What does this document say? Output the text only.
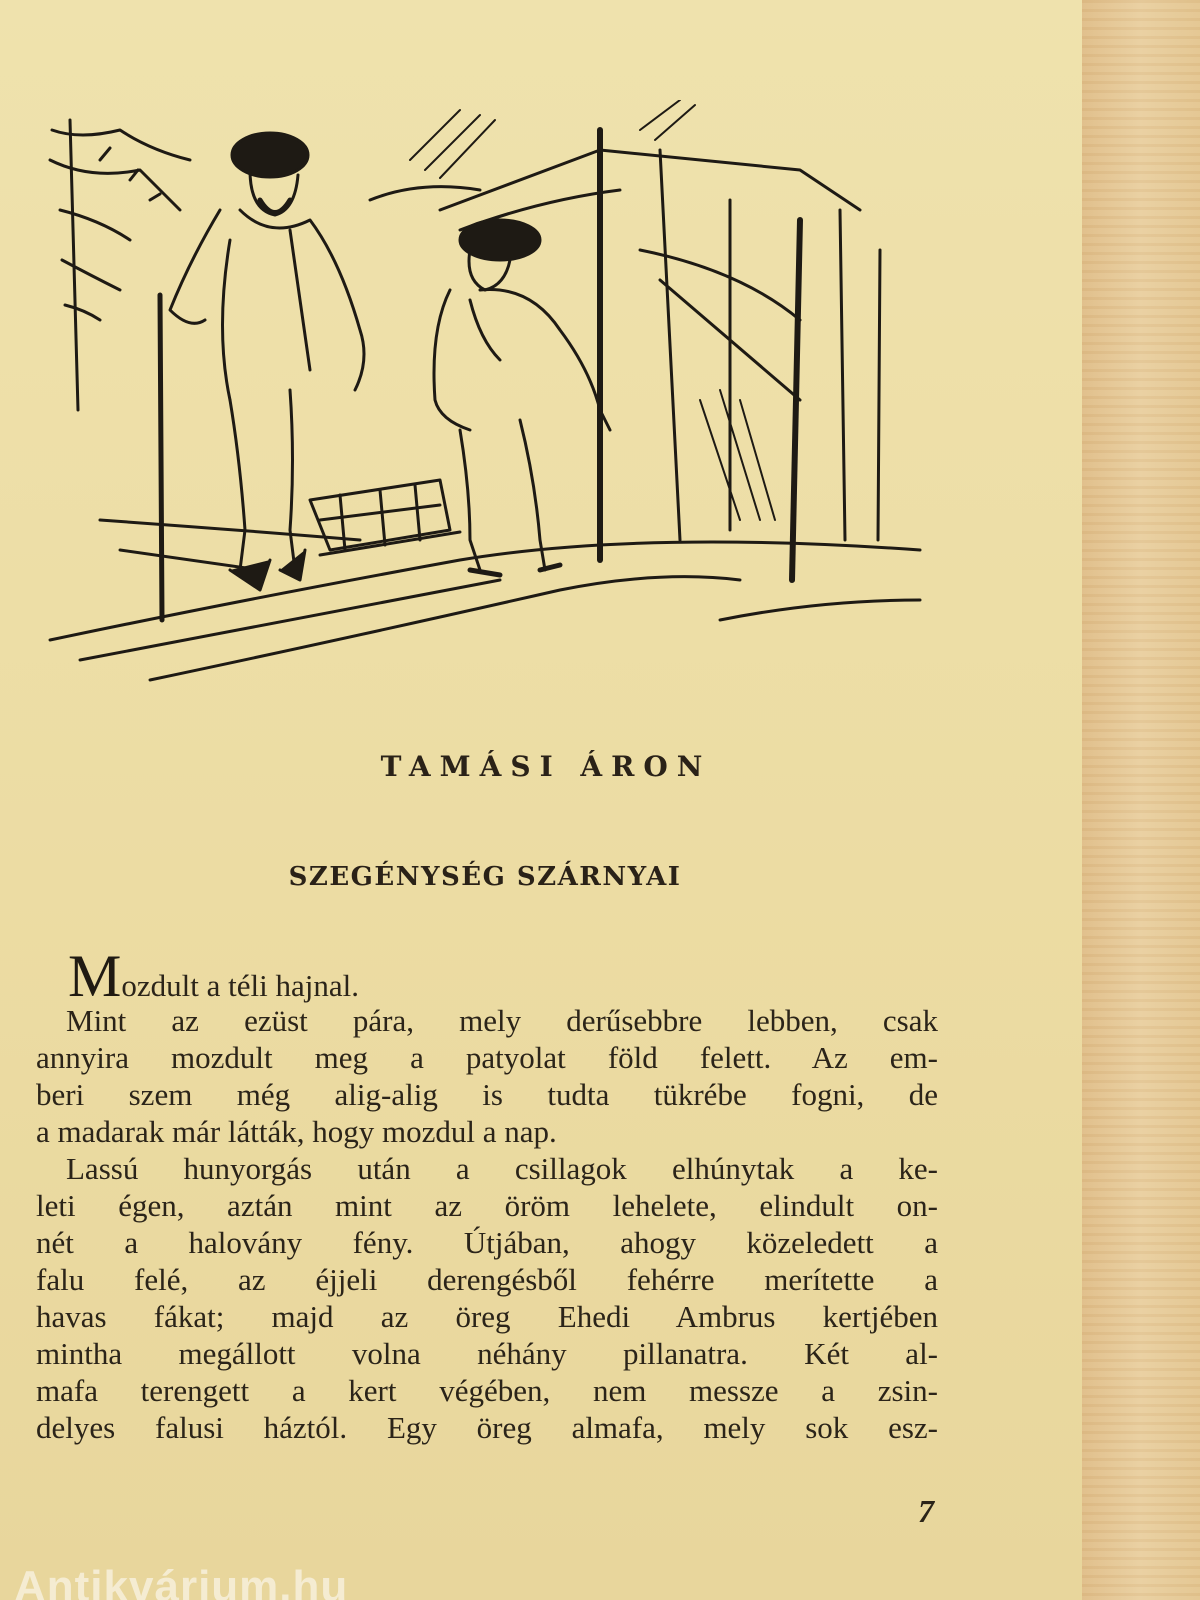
TAMÁSI ÁRON
SZEGÉNYSÉG SZÁRNYAI
Mozdult a téli hajnal.
Mint az ezüst pára, mely derűsebbre lebben, csak
annyira mozdult meg a patyolat föld felett. Az em-
beri szem még alig-alig is tudta tükrébe fogni, de
a madarak már látták, hogy mozdul a nap.
Lassú hunyorgás után a csillagok elhúnytak a ke-
leti égen, aztán mint az öröm lehelete, elindult on-
nét a halovány fény. Útjában, ahogy közeledett a
falu felé, az éjjeli derengésből fehérre merítette a
havas fákat; majd az öreg Ehedi Ambrus kertjében
mintha megállott volna néhány pillanatra. Két al-
mafa terengett a kert végében, nem messze a zsin-
delyes falusi háztól. Egy öreg almafa, mely sok esz-
7
Antikvárium.hu
